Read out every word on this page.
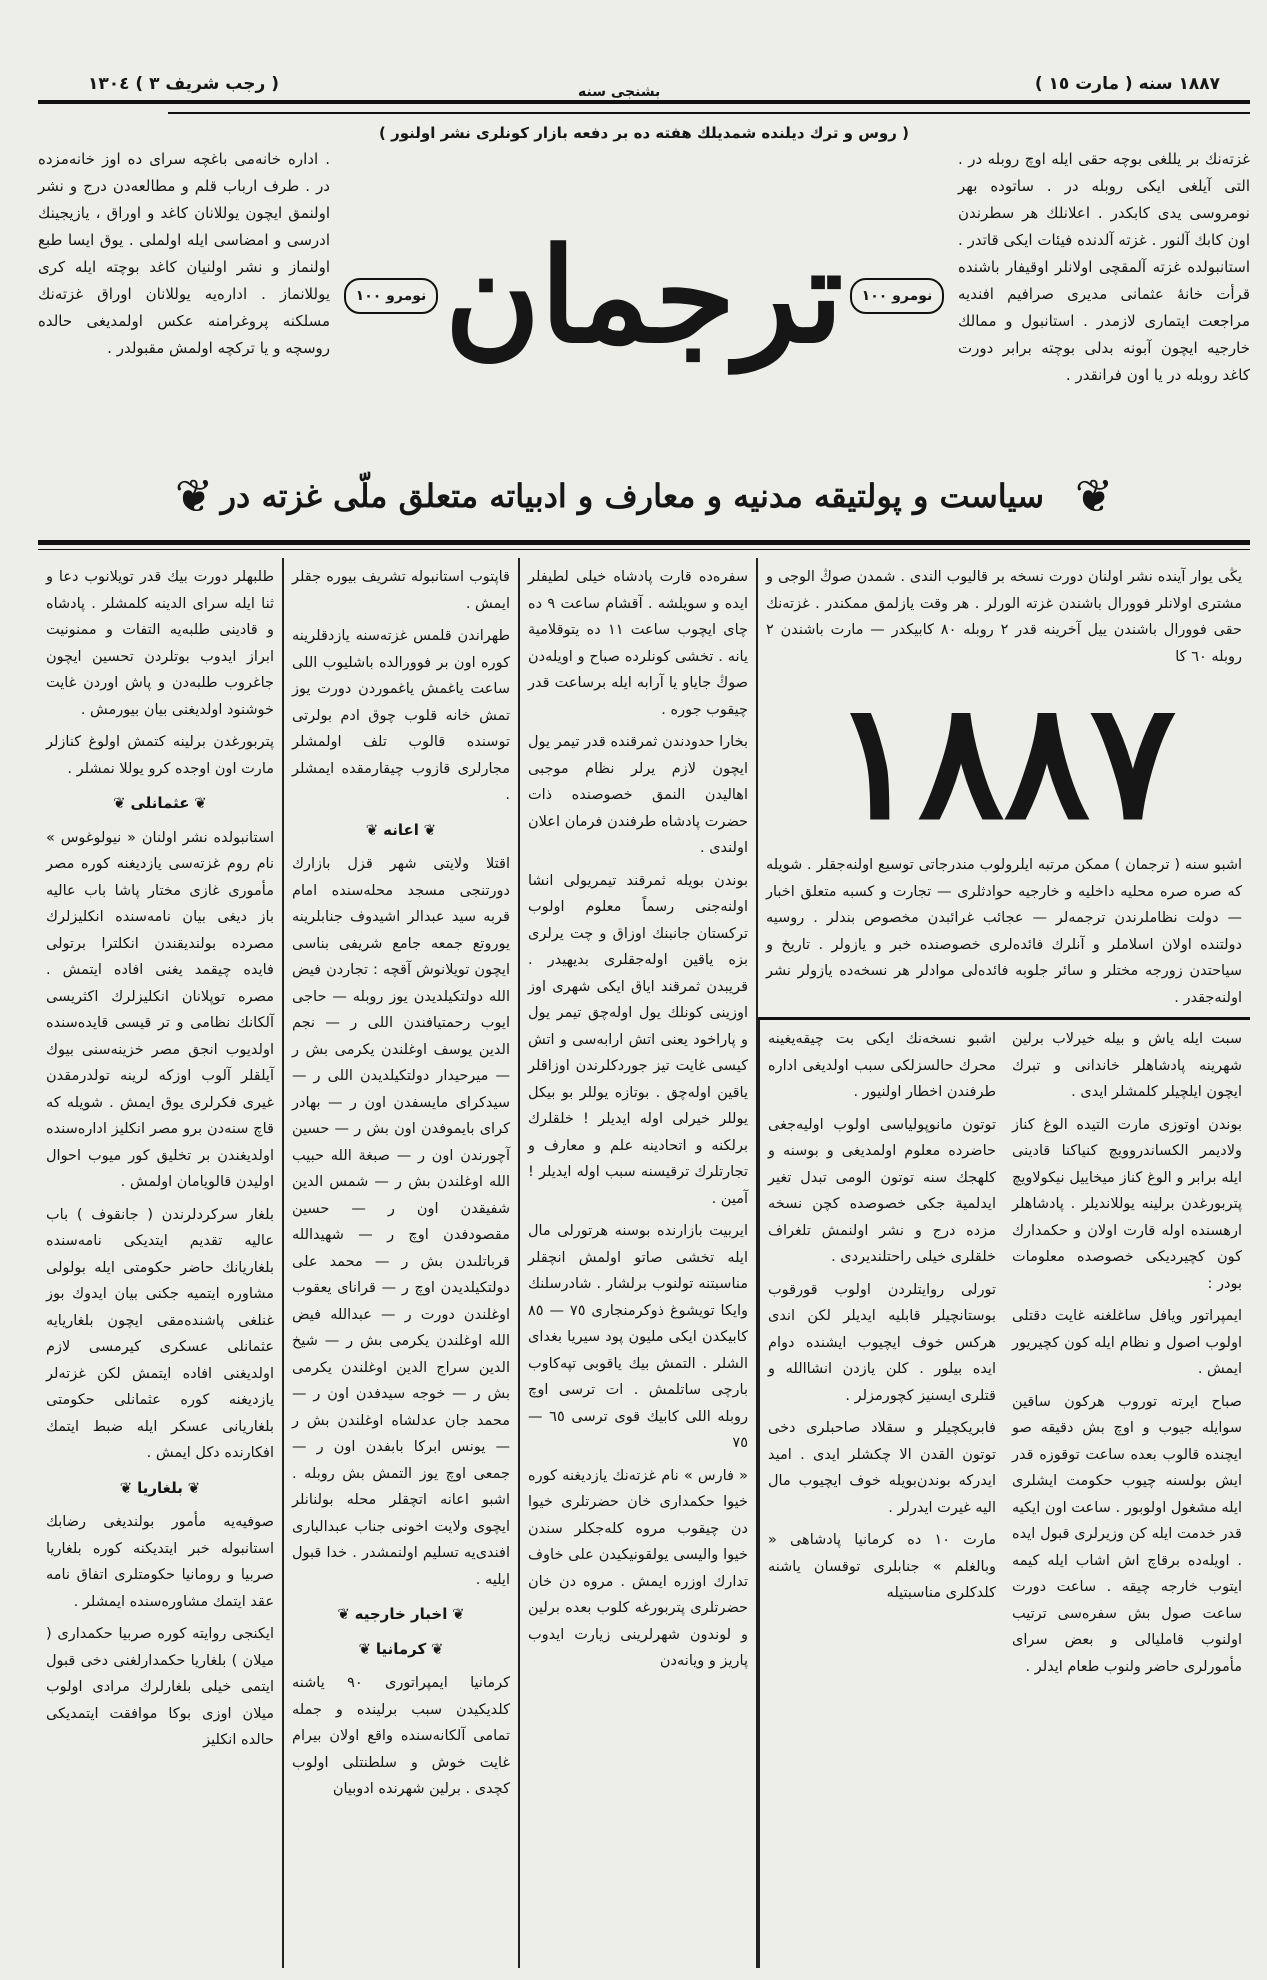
١٨٨٧ سنه ( مارت ١٥ )
بشنجى سنه
( رجب شريف ٣ ) ١٣٠٤
( روس و ترك ديلنده شمديلك هفته ده بر دفعه بازار كونلرى نشر اولنور )
. اداره خانه‌مى باغچه سراى ده اوز خانه‌مزده در . طرف ارباب قلم و مطالعه‌دن درج و نشر اولنمق ايچون يوللانان كاغد و اوراق ، يازيجينك ادرسى و امضاسى ايله اولملى . يوق ايسا طبع اولنماز و نشر اولنيان كاغد بوچته ايله كرى يوللانماز . اداره‌يه يوللانان اوراق غزته‌نك مسلكنه پروغرامنه عكس اولمديغى حالده روسچه و يا تركچه اولمش مقبولدر .
نومرو ١٠٠ ترجمان	نومرو ١٠٠
غزته‌نك بر يللغى بوچه حقى ايله اوچ روبله در . التى آيلغى ايكى روبله در . ساتوده بهر نومروسى يدى كابكدر . اعلانلك هر سطرندن اون كابك آلنور . غزته آلدنده فيئات ايكى قاتدر . استانبولده غزته آلمقچى اولانلر اوقيفار باشنده قرأت خانهٔ عثمانى مديرى صرافيم افنديه مراجعت ايتمارى لازمدر . استانبول و ممالك خارجيه ايچون آبونه بدلى بوچته برابر دورت كاغد روبله در يا اون فرانقدر .
❦ سياست و پولتيقه مدنيه و معارف و ادبياته متعلق ملّى غزته در ❦
يڭى يوار آينده نشر اولنان دورت نسخه بر قاليوب الندى . شمدن صوڭ الوجى و مشترى اولانلر فوورال باشندن غزته الورلر . هر وقت يازلمق ممكندر . غزته‌نك حقى فوورال باشندن ييل آخرينه قدر ٢ روبله ٨٠ كابيكدر — مارت باشندن ٢ روبله ٦٠ كا
١٨٨٧
اشبو سنه ( ترجمان ) ممكن مرتبه ايلرولوب مندرجاتى توسيع اولنه‌جقلر . شويله كه صره صره محليه داخليه و خارجيه حوادثلرى — تجارت و كسبه متعلق اخبار — دولت نظاملرندن ترجمه‌لر — عجائب غرائبدن مخصوص بندلر . روسيه دولتنده اولان اسلاملر و آنلرك فائده‌لرى خصوصنده خبر و يازولر . تاريخ و سياحتدن زورجه مختلر و سائر جلوبه فائده‌لى موادلر هر نسخه‌ده يازولر نشر اولنه‌جقدر .

سبت ايله ياش و بيله خيرلاب برلين شهرينه پادشاهلر خاندانى و تبرك ايچون ايلچيلر كلمشلر ايدى .

بوندن اوتوزى مارت التيده الوغ كناز ولاديمر الكساندروويچ كنياكنا قادينى ايله برابر و الوغ كناز ميخاييل نيكولاويچ پتربورغدن برلينه يوللانديلر . پادشاهلر ارهسنده اوله قارت اولان و حكمدارك كون كچيرديكى خصوصده معلومات بودر :

ايمپراتور ويافل ساغلغنه غايت دقتلى اولوب اصول و نظام ايله كون كچيريور ايمش .

صباح ايرته توروب هركون ساقين سوايله جيوب و اوچ بش دقيقه صو ايچنده قالوب بعده ساعت توقوزه قدر ايش بولسنه چيوب حكومت ايشلرى ايله مشغول اولوبور . ساعت اون ايكيه قدر خدمت ايله كن وزيرلرى قبول ايده . اويله‌ده برقاچ اش اشاب ايله كيمه ايتوب خارجه چيقه . ساعت دورت ساعت صول بش سفره‌سى ترتيب اولنوب قامليالى و بعض سراى مأمورلرى حاضر ولنوب طعام ايدلر .

اشبو نسخه‌نك ايكى بت چيقه‌يغينه محرك حالسزلكى سبب اولديغى اداره طرفندن اخطار اولنيور .

توتون مانوپولياسى اولوب اوليه‌جغى حاضرده معلوم اولمديغى و بوسنه و كلهجك سنه توتون الومى تبدل تغير ايدلمية جكى خصوصده كچن نسخه مزده درج و نشر اولنمش تلغراف خلقلرى خيلى راحتلنديردى .

تورلى روايتلردن اولوب قورقوب بوستانچيلر قابليه ايديلر لكن اندى هركس خوف ايچيوب ايشنده دوام ايده بيلور . كلن يازدن انشاالله و قتلرى ايسنيز كچورمزلر .

فابريكچيلر و سقلاد صاحبلرى دخى توتون القدن الا چكشلر ايدى . اميد ايدركه بوندن‌بويله خوف ايچيوب مال اليه غيرت ايدرلر .

مارت ١٠ ده كرمانيا پادشاهى « وبالغلم » جنابلرى توقسان ياشنه كلدكلرى مناسبتيله

سفره‌ده قارت پادشاه خيلى لطيفلر ايده و سويلشه . آقشام ساعت ٩ ده چاى ايچوب ساعت ١١ ده يتوقلامية يانه . تخشى كونلرده صباح و اويله‌دن صوڭ جاياو يا آرابه ايله برساعت قدر چيقوب جوره .

بخارا حدودندن ثمرقنده قدر تيمر يول ايچون لازم يرلر نظام موجبى اهاليدن النمق خصوصنده ذات حضرت پادشاه طرفندن فرمان اعلان اولندى .

بوندن بويله ثمرقند تيمريولى انشا اولنه‌جنى رسماً معلوم اولوب تركستان جانبنك اوزاق و چت يرلرى بزه ياقين اوله‌جقلرى بديهيدر . قريبدن ثمرقند اياق ايكى شهرى اوز اوزينى كونلك يول اوله‌چق تيمر يول و پاراخود يعنى اتش ارابه‌سى و اتش كيسى غايت تيز جوردكلرندن اوزاقلر ياقين اوله‌چق . بوتازه يوللر بو بيكل يوللر خيرلى اوله ايديلر ! خلقلرك برلكنه و اتحادينه علم و معارف و تجارتلرك ترقيسنه سبب اوله ايديلر ! آمين .

ايربيت بازارنده بوسنه هرتورلى مال ايله تخشى صاتو اولمش انچقلر مناسبتنه تولنوب برلشار . شادرسلنك وايكا تويشوغ ذوكرمنجارى ٧٥ — ٨٥ كابيكدن ايكى مليون پود سيريا بغداى الشلر . التمش بيك ياقوبى تپه‌كاوب بارچى ساتلمش . ات ترسى اوچ روبله اللى كابيك قوى ترسى ٦٥ — ٧٥

« فارس » نام غزته‌نك يازديغنه كوره خيوا حكمدارى خان حضرتلرى خيوا دن چيقوب مروه كله‌جكلر سندن خيوا والیسى يولقونيكيدن على خاوف تدارك اوزره ايمش . مروه دن خان حضرتلرى پتربورغه كلوب بعده برلين و لوندون شهرلرينى زيارت ايدوب پاريز و ويانه‌دن

قاپتوب استانبوله تشريف بيوره جقلر ايمش .

طهراندن قلمس غزته‌سنه يازدقلرينه كوره اون بر فوورالده باشليوب اللى ساعت ياغمش ياغموردن دورت يوز تمش خانه قلوب چوق ادم بولرتى توسنده قالوب تلف اولمشلر مجارلرى قازوب چيقارمقده ايمشلر .

❦ اعانه ❦

اقتلا ولايتى شهر قزل بازارك دورتنجى مسجد محله‌سنده امام قربه سيد عبدالر اشيدوف جنابلرينه يوروتع جمعه جامع شريفى بناسى ايچون تويلانوش آقچه : تجاردن فيض الله دولتكيلديدن يوز روبله — حاجى ايوب رحمتيافندن اللى ر — نجم الدين يوسف اوغلندن يكرمى بش ر — ميرحيدار دولتكيلديدن اللى ر — سيدكراى مايسفدن اون ر — بهادر كراى بايموفدن اون بش ر — حسين آچورندن اون ر — صبغة الله حبيب الله اوغلندن بش ر — شمس الدين شفيقدن اون ر — حسين مقصودفدن اوچ ر — شهيدالله قرباتلىدن بش ر — محمد على دولتكيلديدن اوچ ر — قرانای يعقوب اوغلندن دورت ر — عبدالله فيض الله اوغلندن يكرمى بش ر — شيخ الدين سراج الدين اوغلندن يكرمى بش ر — خوجه سيدفدن اون ر — محمد جان عدلشاه اوغلندن بش ر — يونس ابركا بابفدن اون ر — جمعى اوچ يوز التمش بش روبله . اشبو اعانه اتچقلر محله بولنانلر ايچوى ولايت اخونى جناب عبدالبارى افندى‌يه تسليم اولنمشدر . خدا قبول ايليه .

❦ اخبار خارجيه ❦
❦ كرمانيا ❦

كرمانيا ايمپراتورى ٩٠ ياشنه كلديكيدن سبب برلينده و جمله تمامى آلكانه‌سنده واقع اولان بيرام غايت خوش و سلطنتلى اولوب كچدى . برلين شهرنده ادوبيان

طلبهلر دورت بيك قدر تويلانوب دعا و ثنا ايله سراى الدينه كلمشلر . پادشاه و قادينى طلبه‌يه التفات و ممنونيت ابراز ايدوب بوتلردن تحسين ايچون جاغروب طلبه‌دن و پاش اوردن غايت خوشنود اولديغنى بيان بيورمش .

پتربورغدن برلينه كتمش اولوغ كنازلر مارت اون اوجده كرو يوللا نمشلر .

❦ عثمانلى ❦

استانبولده نشر اولنان « نيولوغوس » نام روم غزته‌سى يازديغنه كوره مصر مأمورى غازى مختار پاشا باب عاليه باز ديغى بيان نامه‌سنده انكليزلرك مصرده بولنديقندن انكلترا برتولى فايده چيقمد يغنى افاده ايتمش . مصره توپلانان انكليزلرك اكثريسى آلكانك نظامى و تر قيسى قايده‌سنده اولديوب انجق مصر خزينه‌سنى بيوك آيلقلر آلوب اوزكه لرينه تولدرمقدن غيرى فكرلرى يوق ايمش . شويله كه قاچ سنه‌دن برو مصر انكليز اداره‌سنده اولديغندن بر تخليق كور ميوب احوال اوليدن قالويامان اولمش .

بلغار سركردلرندن ( جانقوف ) باب عاليه تقديم ايتديكى نامه‌سنده بلغاريانك حاضر حكومتى ايله بولولى مشاوره ايتميه جكنى بيان ايدوك بوز غنلغى پاشنده‌مقى ايچون بلغاريايه عثمانلى عسكرى كيرمسى لازم اولديغنى افاده ايتمش لكن غزته‌لر يازديغنه كوره عثمانلى حكومتى بلغاريانى عسكر ايله ضبط ايتمك افكارنده دكل ايمش .

❦ بلغاريا ❦

صوفيه‌يه مأمور بولنديغى رضابك استانبوله خبر ايتديكنه كوره بلغاريا صربيا و رومانيا حكومتلرى اتفاق نامه عقد ايتمك مشاوره‌سنده ايمشلر .

ايكنجى روايته كوره صربيا حكمدارى ( ميلان ) بلغاريا حكمدارلغنى دخى قبول ايتمى خيلى بلغارلرك مرادى اولوب ميلان اوزى بوكا موافقت ايتمديكى حالده انكليز
